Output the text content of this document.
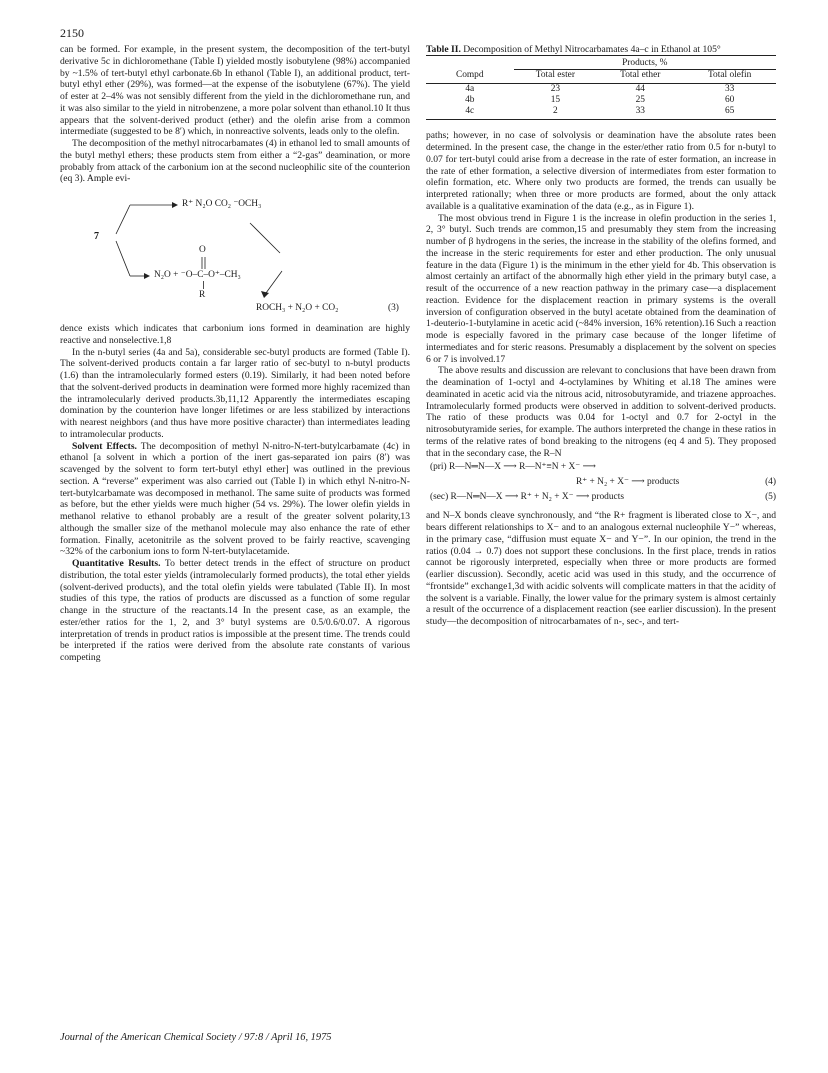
2150

can be formed. For example, in the present system, the decomposition of the tert-butyl derivative 5c in dichloromethane (Table I) yielded mostly isobutylene (98%) accompanied by ~1.5% of tert-butyl ethyl carbonate.6b In ethanol (Table I), an additional product, tert-butyl ethyl ether (29%), was formed—at the expense of the isobutylene (67%). The yield of ester at 2–4% was not sensibly different from the yield in the dichloromethane run, and it was also similar to the yield in nitrobenzene, a more polar solvent than ethanol.10 It thus appears that the solvent-derived product (ether) and the olefin arise from a common intermediate (suggested to be 8′) which, in nonreactive solvents, leads only to the olefin.

The decomposition of the methyl nitrocarbamates (4) in ethanol led to small amounts of the butyl methyl ethers; these products stem from either a “2-gas” deamination, or more probably from attack of the carbonium ion at the second nucleophilic site of the counterion (eq 3). Ample evi-

R⁺ N₂O CO₂ ⁻OCH₃
7
O
N₂O + ⁻O–C–O⁺–CH₃
R
ROCH₃ + N₂O + CO₂	(3)

dence exists which indicates that carbonium ions formed in deamination are highly reactive and nonselective.1,8

In the n-butyl series (4a and 5a), considerable sec-butyl products are formed (Table I). The solvent-derived products contain a far larger ratio of sec-butyl to n-butyl products (1.6) than the intramolecularly formed esters (0.19). Similarly, it had been noted before that the solvent-derived products in deamination were formed more highly racemized than the intramolecularly derived products.3b,11,12 Apparently the intermediates escaping domination by the counterion have longer lifetimes or are less stabilized by interactions with nearest neighbors (and thus have more positive character) than intermediates leading to intramolecular products.

Solvent Effects. The decomposition of methyl N-nitro-N-tert-butylcarbamate (4c) in ethanol [a solvent in which a portion of the inert gas-separated ion pairs (8′) was scavenged by the solvent to form tert-butyl ethyl ether] was outlined in the previous section. A “reverse” experiment was also carried out (Table I) in which ethyl N-nitro-N-tert-butylcarbamate was decomposed in methanol. The same suite of products was formed as before, but the ether yields were much higher (54 vs. 29%). The lower olefin yields in methanol relative to ethanol probably are a result of the greater solvent polarity,13 although the smaller size of the methanol molecule may also enhance the rate of ether formation. Finally, acetonitrile as the solvent proved to be fairly reactive, scavenging ~32% of the carbonium ions to form N-tert-butylacetamide.

Quantitative Results. To better detect trends in the effect of structure on product distribution, the total ester yields (intramolecularly formed products), the total ether yields (solvent-derived products), and the total olefin yields were tabulated (Table II). In most studies of this type, the ratios of products are discussed as a function of some regular change in the structure of the reactants.14 In the present case, as an example, the ester/ether ratios for the 1, 2, and 3° butyl systems are 0.5/0.6/0.07. A rigorous interpretation of trends in product ratios is impossible at the present time. The trends could be interpreted if the ratios were derived from the absolute rate constants of various competing

Table II. Decomposition of Methyl Nitrocarbamates 4a–c in Ethanol at 105°

	Products, %		

Compd	Total ester	Total ether	Total olefin
4a	23	44	33
4b	15	25	60
4c	2	33	65

paths; however, in no case of solvolysis or deamination have the absolute rates been determined. In the present case, the change in the ester/ether ratio from 0.5 for n-butyl to 0.07 for tert-butyl could arise from a decrease in the rate of ester formation, an increase in the rate of ether formation, a selective diversion of intermediates from ester formation to olefin formation, etc. Where only two products are formed, the trends can usually be interpreted rationally; when three or more products are formed, about the only attack available is a qualitative examination of the data (e.g., as in Figure 1).

The most obvious trend in Figure 1 is the increase in olefin production in the series 1, 2, 3° butyl. Such trends are common,15 and presumably they stem from the increasing number of β hydrogens in the series, the increase in the stability of the olefins formed, and the increase in the steric requirements for ester and ether production. The only unusual feature in the data (Figure 1) is the minimum in the ether yield for 4b. This observation is almost certainly an artifact of the abnormally high ether yield in the primary butyl case, a result of the occurrence of a new reaction pathway in the primary case—a displacement reaction. Evidence for the displacement reaction in primary systems is the overall inversion of configuration observed in the butyl acetate obtained from the deamination of 1-deuterio-1-butylamine in acetic acid (~84% inversion, 16% retention).16 Such a reaction mode is especially favored in the primary case because of the longer lifetime of intermediates and for steric reasons. Presumably a displacement by the solvent on species 6 or 7 is involved.17

The above results and discussion are relevant to conclusions that have been drawn from the deamination of 1-octyl and 4-octylamines by Whiting et al.18 The amines were deaminated in acetic acid via the nitrous acid, nitrosobutyramide, and triazene approaches. Intramolecularly formed products were observed in addition to solvent-derived products. The ratio of these products was 0.04 for 1-octyl and 0.7 for 2-octyl in the nitrosobutyramide series, for example. The authors interpreted the change in these ratios in terms of the relative rates of bond breaking to the nitrogens (eq 4 and 5). They proposed that in the secondary case, the R–N

(pri) R—N═N—X ⟶ R—N⁺≡N + X⁻ ⟶
R⁺ + N₂ + X⁻ ⟶ products	(4)
(sec) R—N═N—X ⟶ R⁺ + N₂ + X⁻ ⟶ products	(5)

and N–X bonds cleave synchronously, and “the R+ fragment is liberated close to X−, and bears different relationships to X− and to an analogous external nucleophile Y−” whereas, in the primary case, “diffusion must equate X− and Y−”. In our opinion, the trend in the ratios (0.04 → 0.7) does not support these conclusions. In the first place, trends in ratios cannot be rigorously interpreted, especially when three or more products are formed (earlier discussion). Secondly, acetic acid was used in this study, and the occurrence of “frontside” exchange1,3d with acidic solvents will complicate matters in that the acidity of the solvent is a variable. Finally, the lower value for the primary system is almost certainly a result of the occurrence of a displacement reaction (see earlier discussion). In the present study—the decomposition of nitrocarbamates of n-, sec-, and tert-

Journal of the American Chemical Society / 97:8 / April 16, 1975
